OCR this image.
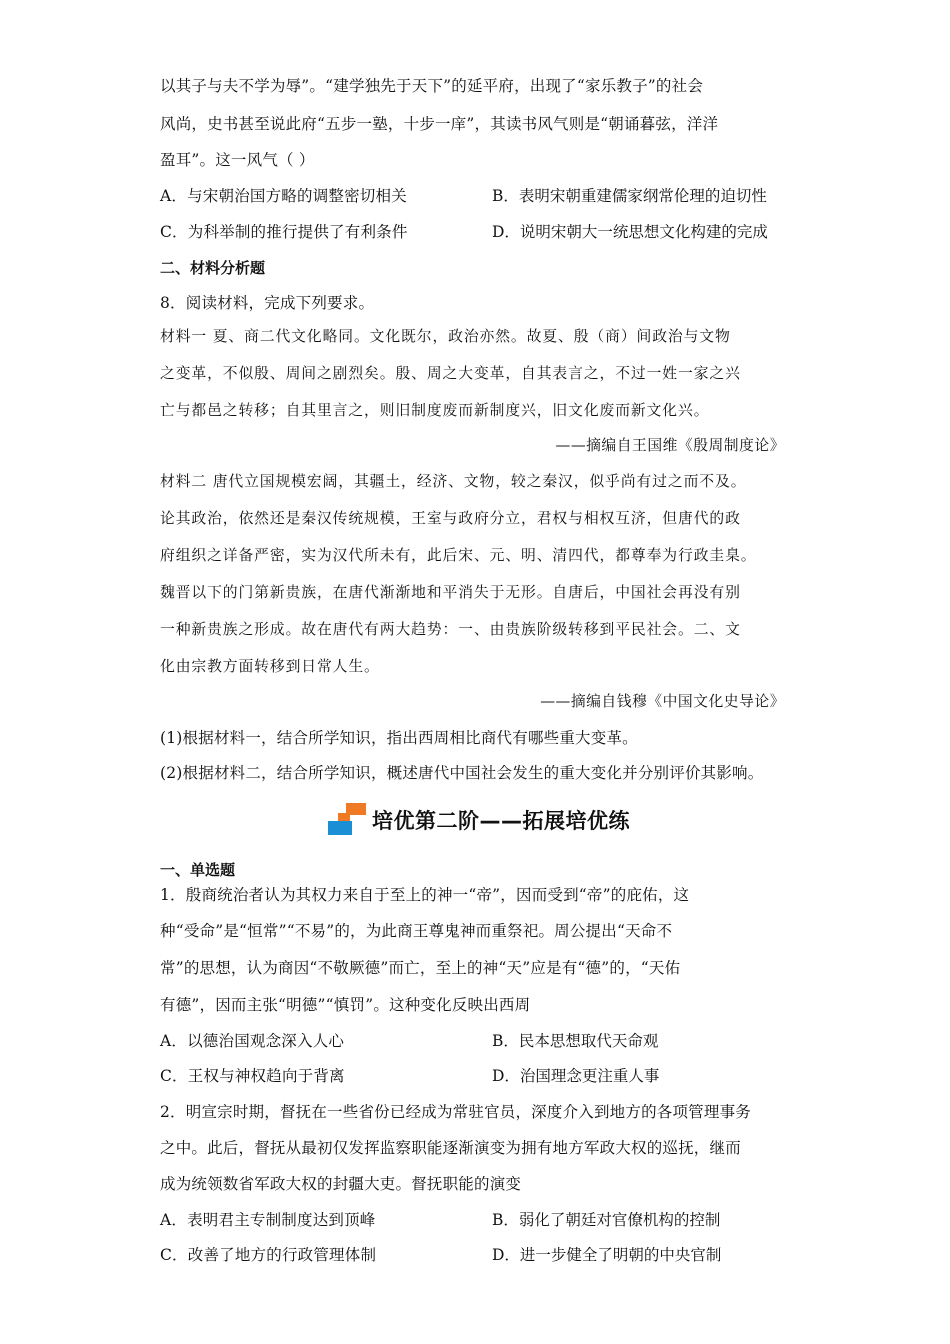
以其子与夫不学为辱”。“建学独先于天下”的延平府，出现了“家乐教子”的社会
风尚，史书甚至说此府“五步一塾，十步一庠”，其读书风气则是“朝诵暮弦，洋洋
盈耳”。这一风气（ ）
A．与宋朝治国方略的调整密切相关	B．表明宋朝重建儒家纲常伦理的迫切性
C．为科举制的推行提供了有利条件	D．说明宋朝大一统思想文化构建的完成
二、材料分析题
8．阅读材料，完成下列要求。
材料一 夏、商二代文化略同。文化既尔，政治亦然。故夏、殷（商）间政治与文物
之变革，不似殷、周间之剧烈矣。殷、周之大变革，自其表言之，不过一姓一家之兴
亡与都邑之转移；自其里言之，则旧制度废而新制度兴，旧文化废而新文化兴。
——摘编自王国维《殷周制度论》
材料二 唐代立国规模宏阔，其疆土，经济、文物，较之秦汉，似乎尚有过之而不及。
论其政治，依然还是秦汉传统规模，王室与政府分立，君权与相权互济，但唐代的政
府组织之详备严密，实为汉代所未有，此后宋、元、明、清四代，都尊奉为行政圭臬。
魏晋以下的门第新贵族，在唐代渐渐地和平消失于无形。自唐后，中国社会再没有别
一种新贵族之形成。故在唐代有两大趋势：一、由贵族阶级转移到平民社会。二、文
化由宗教方面转移到日常人生。
——摘编自钱穆《中国文化史导论》
(1)根据材料一，结合所学知识，指出西周相比商代有哪些重大变革。
(2)根据材料二，结合所学知识，概述唐代中国社会发生的重大变化并分别评价其影响。
培优第二阶——拓展培优练
一、单选题
1．殷商统治者认为其权力来自于至上的神一“帝”，因而受到“帝”的庇佑，这
种“受命”是“恒常”“不易”的，为此商王尊鬼神而重祭祀。周公提出“天命不
常”的思想，认为商因“不敬厥德”而亡，至上的神“天”应是有“德”的，“天佑
有德”，因而主张“明德”“慎罚”。这种变化反映出西周
A．以德治国观念深入人心	B．民本思想取代天命观
C．王权与神权趋向于背离	D．治国理念更注重人事
2．明宣宗时期，督抚在一些省份已经成为常驻官员，深度介入到地方的各项管理事务
之中。此后，督抚从最初仅发挥监察职能逐渐演变为拥有地方军政大权的巡抚，继而
成为统领数省军政大权的封疆大吏。督抚职能的演变
A．表明君主专制制度达到顶峰	B．弱化了朝廷对官僚机构的控制
C．改善了地方的行政管理体制	D．进一步健全了明朝的中央官制
